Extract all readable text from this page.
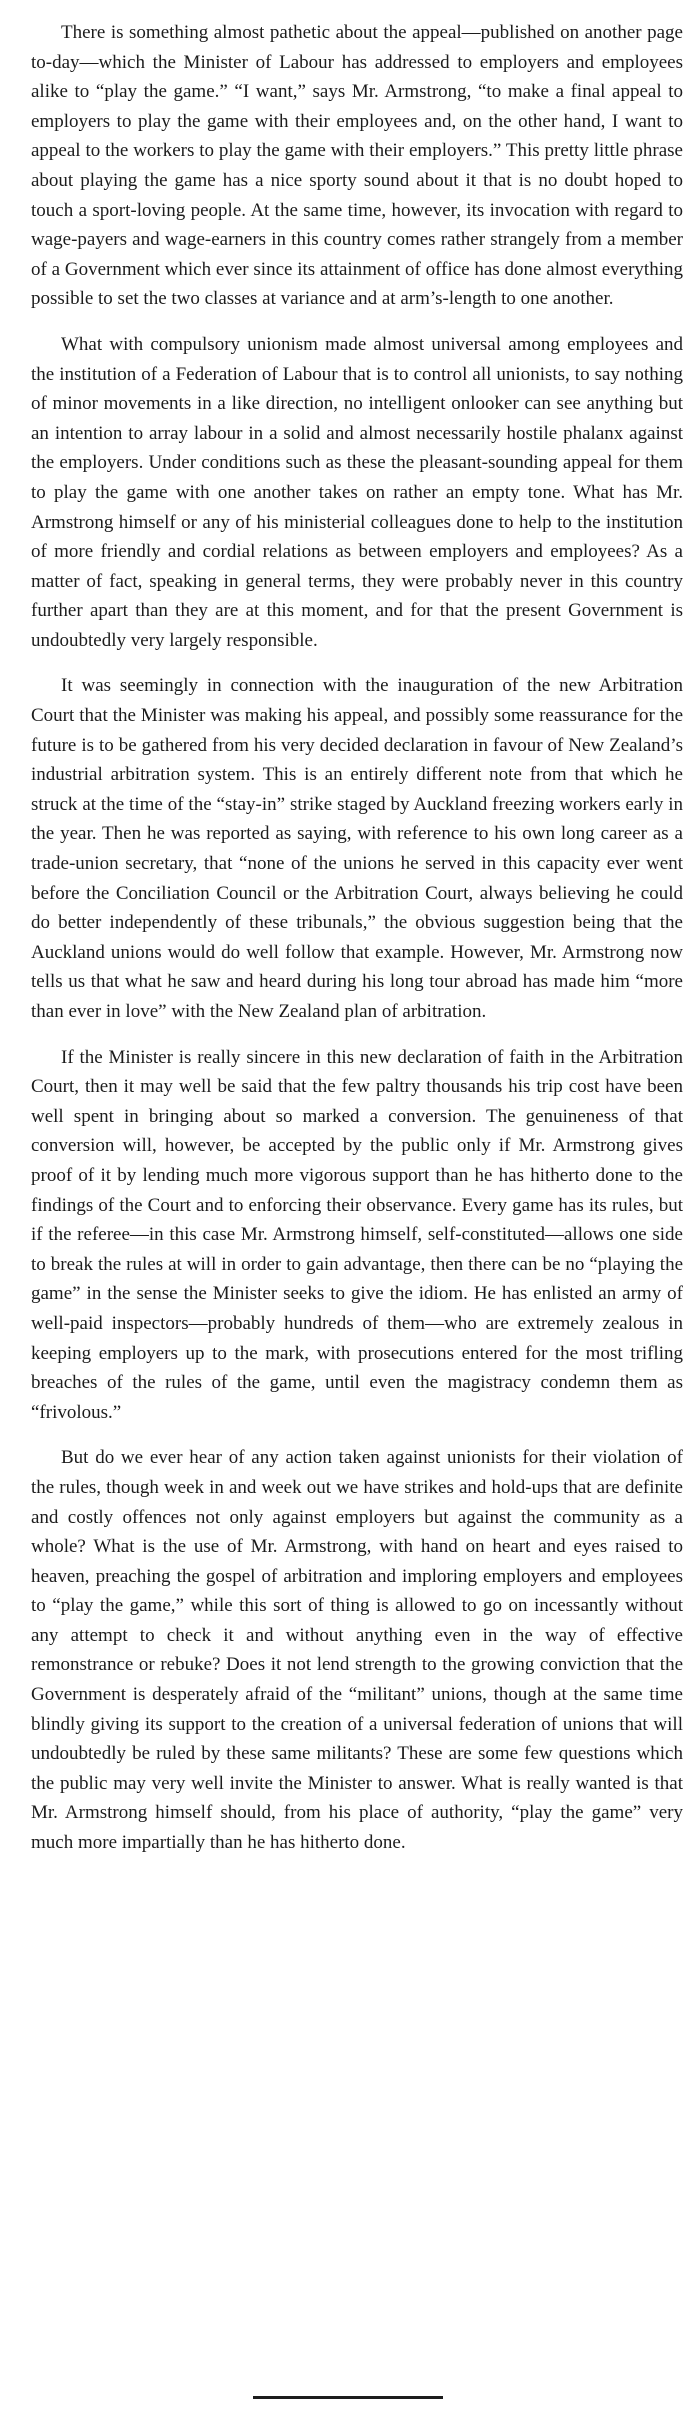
There is something almost pathetic about the appeal—published on another page to-day—which the Minister of Labour has addressed to employers and employees alike to “play the game.” “I want,” says Mr. Armstrong, “to make a final appeal to employers to play the game with their employees and, on the other hand, I want to appeal to the workers to play the game with their employers.” This pretty little phrase about playing the game has a nice sporty sound about it that is no doubt hoped to touch a sport-loving people. At the same time, however, its invocation with regard to wage-payers and wage-earners in this country comes rather strangely from a member of a Government which ever since its attainment of office has done almost everything possible to set the two classes at variance and at arm’s-length to one another.

What with compulsory unionism made almost universal among employees and the institution of a Federation of Labour that is to control all unionists, to say nothing of minor movements in a like direction, no intelligent onlooker can see anything but an intention to array labour in a solid and almost necessarily hostile phalanx against the employers. Under conditions such as these the pleasant-sounding appeal for them to play the game with one another takes on rather an empty tone. What has Mr. Armstrong himself or any of his ministerial colleagues done to help to the institution of more friendly and cordial relations as between employers and employees? As a matter of fact, speaking in general terms, they were probably never in this country further apart than they are at this moment, and for that the present Government is undoubtedly very largely responsible.

It was seemingly in connection with the inauguration of the new Arbitration Court that the Minister was making his appeal, and possibly some reassurance for the future is to be gathered from his very decided declaration in favour of New Zealand’s industrial arbitration system. This is an entirely different note from that which he struck at the time of the “stay-in” strike staged by Auckland freezing workers early in the year. Then he was reported as saying, with reference to his own long career as a trade-union secretary, that “none of the unions he served in this capacity ever went before the Conciliation Council or the Arbitration Court, always believing he could do better independently of these tribunals,” the obvious suggestion being that the Auckland unions would do well follow that example. However, Mr. Armstrong now tells us that what he saw and heard during his long tour abroad has made him “more than ever in love” with the New Zealand plan of arbitration.

If the Minister is really sincere in this new declaration of faith in the Arbitration Court, then it may well be said that the few paltry thousands his trip cost have been well spent in bringing about so marked a conversion. The genuineness of that conversion will, however, be accepted by the public only if Mr. Armstrong gives proof of it by lending much more vigorous support than he has hitherto done to the findings of the Court and to enforcing their observance. Every game has its rules, but if the referee—in this case Mr. Armstrong himself, self-constituted—allows one side to break the rules at will in order to gain advantage, then there can be no “playing the game” in the sense the Minister seeks to give the idiom. He has enlisted an army of well-paid inspectors—probably hundreds of them—who are extremely zealous in keeping employers up to the mark, with prosecutions entered for the most trifling breaches of the rules of the game, until even the magistracy condemn them as “frivolous.”

But do we ever hear of any action taken against unionists for their violation of the rules, though week in and week out we have strikes and hold-ups that are definite and costly offences not only against employers but against the community as a whole? What is the use of Mr. Armstrong, with hand on heart and eyes raised to heaven, preaching the gospel of arbitration and imploring employers and employees to “play the game,” while this sort of thing is allowed to go on incessantly without any attempt to check it and without anything even in the way of effective remonstrance or rebuke? Does it not lend strength to the growing conviction that the Government is desperately afraid of the “militant” unions, though at the same time blindly giving its support to the creation of a universal federation of unions that will undoubtedly be ruled by these same militants? These are some few questions which the public may very well invite the Minister to answer. What is really wanted is that Mr. Armstrong himself should, from his place of authority, “play the game” very much more impartially than he has hitherto done.
